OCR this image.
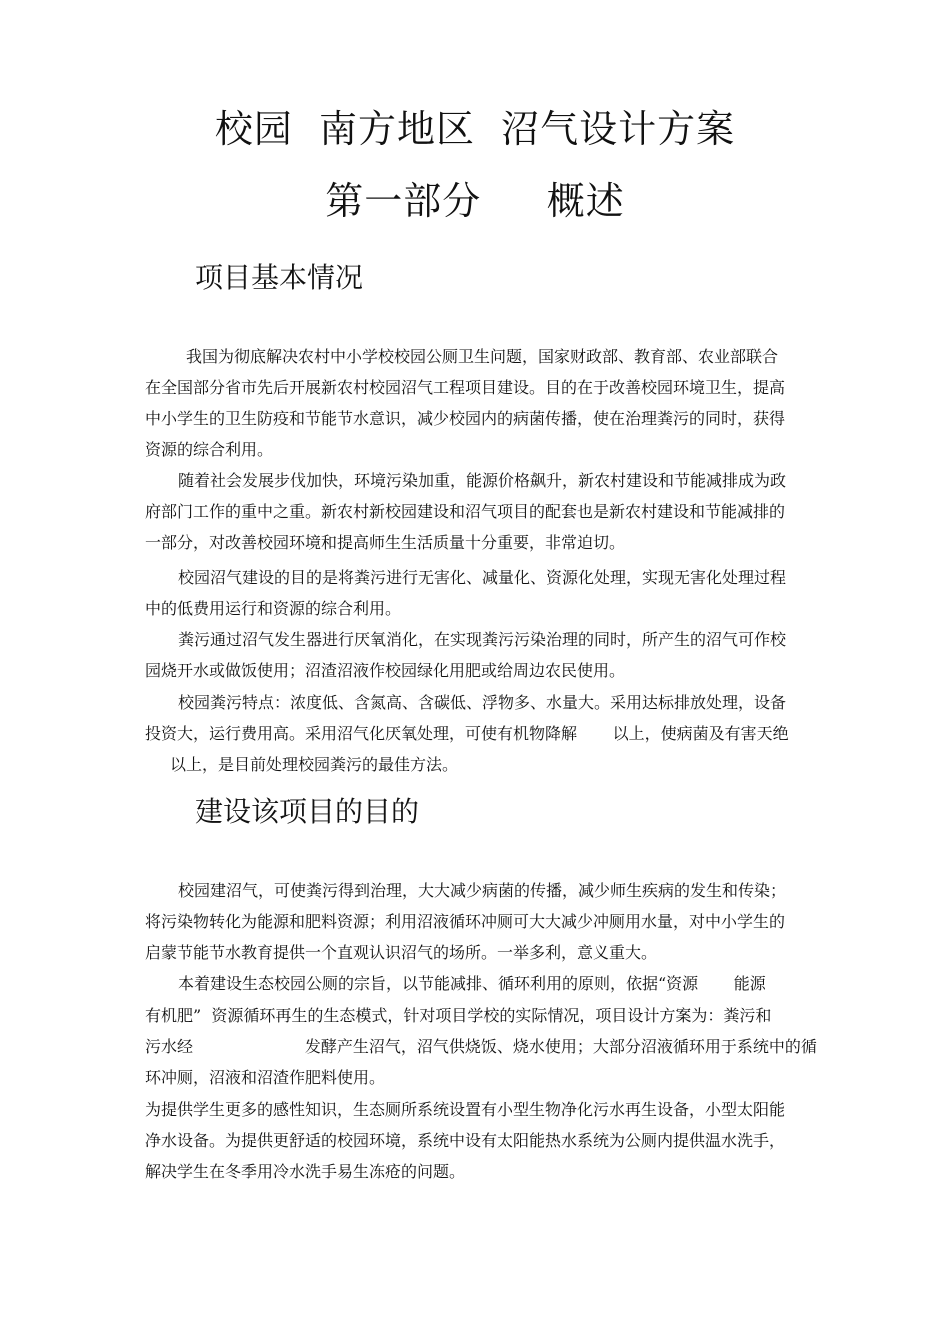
校园  南方地区  沼气设计方案
第一部分     概述
项目基本情况
我国为彻底解决农村中小学校校园公厕卫生问题，国家财政部、教育部、农业部联合
在全国部分省市先后开展新农村校园沼气工程项目建设。目的在于改善校园环境卫生，提高
中小学生的卫生防疫和节能节水意识，减少校园内的病菌传播，使在治理粪污的同时，获得
资源的综合利用。
随着社会发展步伐加快，环境污染加重，能源价格飙升，新农村建设和节能减排成为政
府部门工作的重中之重。新农村新校园建设和沼气项目的配套也是新农村建设和节能减排的
一部分，对改善校园环境和提高师生生活质量十分重要，非常迫切。
校园沼气建设的目的是将粪污进行无害化、减量化、资源化处理，实现无害化处理过程
中的低费用运行和资源的综合利用。
粪污通过沼气发生器进行厌氧消化，在实现粪污污染治理的同时，所产生的沼气可作校
园烧开水或做饭使用；沼渣沼液作校园绿化用肥或给周边农民使用。
校园粪污特点：浓度低、含氮高、含碳低、浮物多、水量大。采用达标排放处理，设备
投资大，运行费用高。采用沼气化厌氧处理，可使有机物降解       以上，使病菌及有害天绝
以上，是目前处理校园粪污的最佳方法。
建设该项目的目的
校园建沼气，可使粪污得到治理，大大减少病菌的传播，减少师生疾病的发生和传染；
将污染物转化为能源和肥料资源；利用沼液循环冲厕可大大减少冲厕用水量，对中小学生的
启蒙节能节水教育提供一个直观认识沼气的场所。一举多利，意义重大。
本着建设生态校园公厕的宗旨，以节能减排、循环利用的原则，依据“资源       能源
有机肥”  资源循环再生的生态模式，针对项目学校的实际情况，项目设计方案为：粪污和
污水经                      发酵产生沼气，沼气供烧饭、烧水使用；大部分沼液循环用于系统中的循
环冲厕，沼液和沼渣作肥料使用。
为提供学生更多的感性知识，生态厕所系统设置有小型生物净化污水再生设备，小型太阳能
净水设备。为提供更舒适的校园环境，系统中设有太阳能热水系统为公厕内提供温水洗手，
解决学生在冬季用冷水洗手易生冻疮的问题。
